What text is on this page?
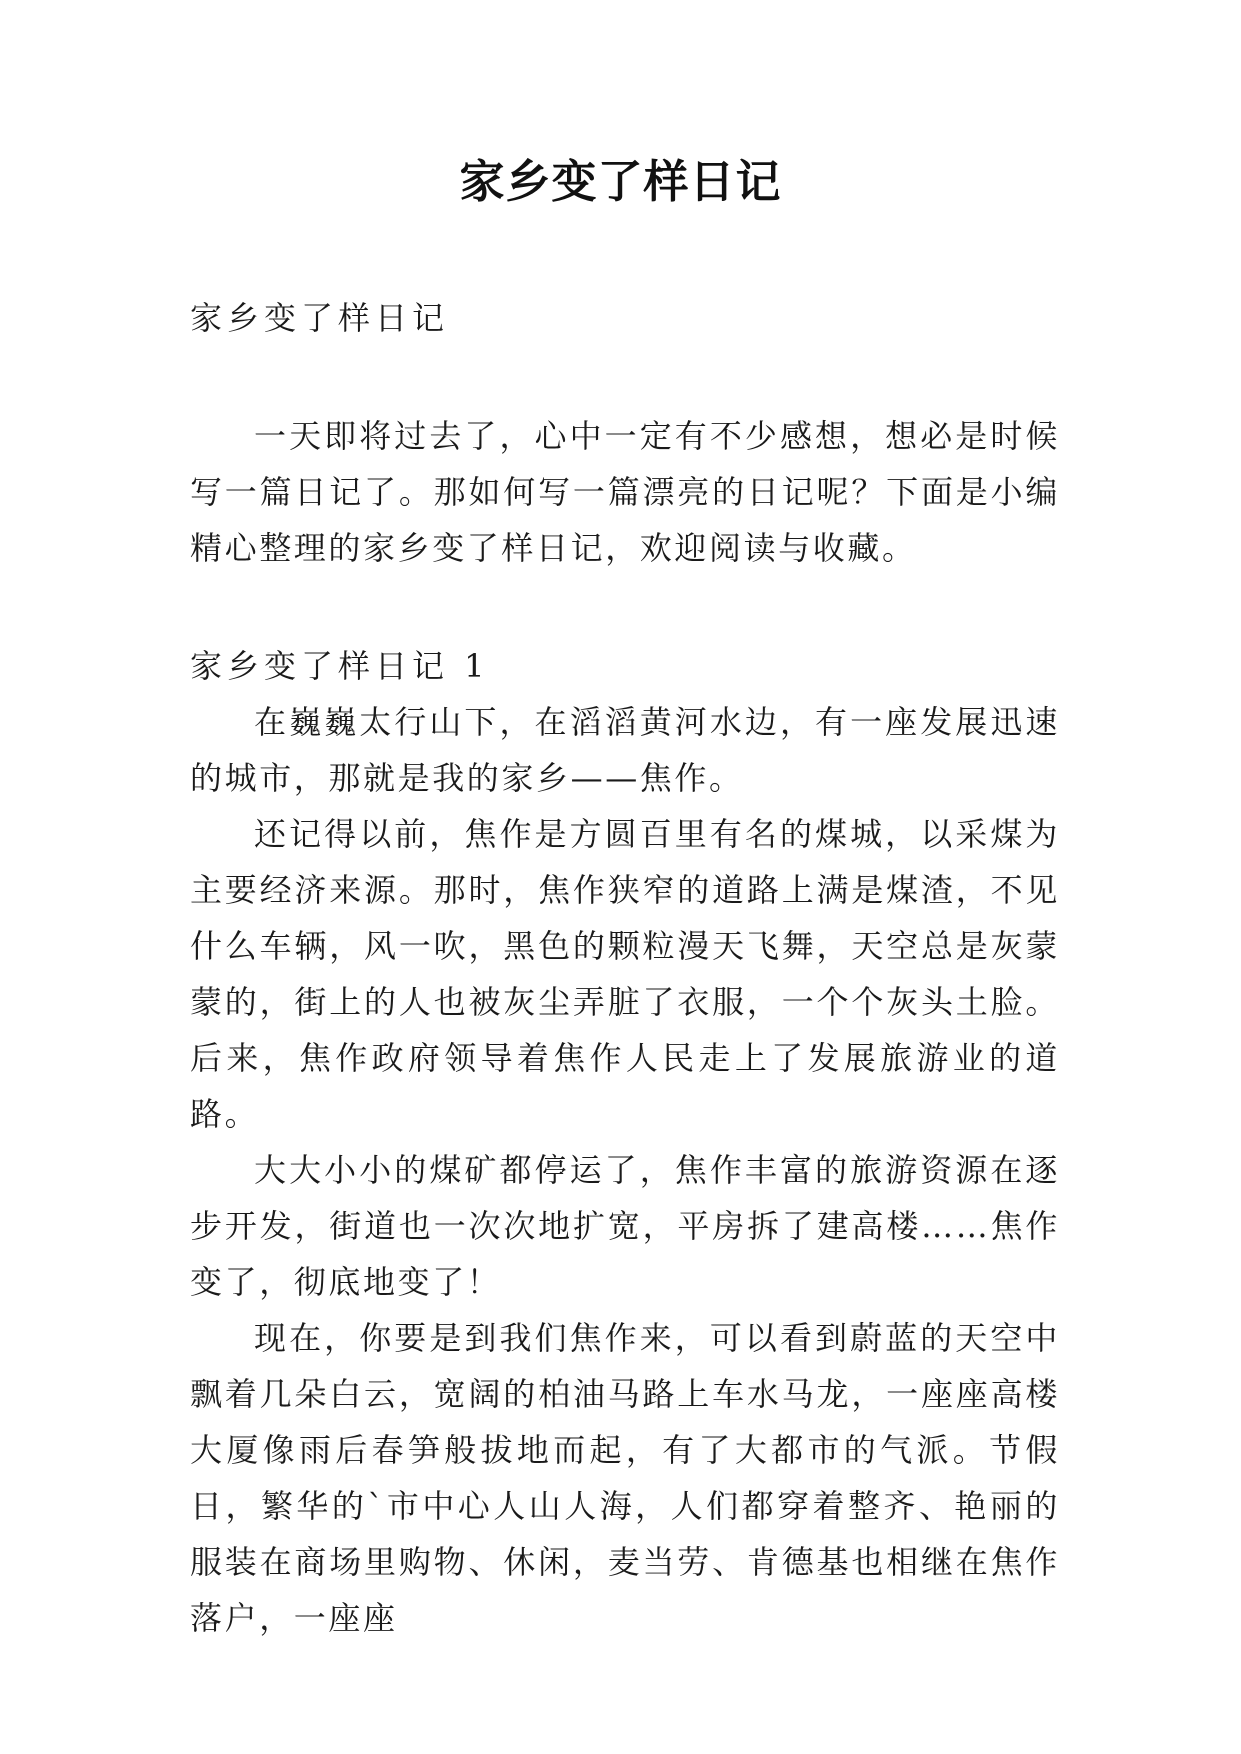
家乡变了样日记
家乡变了样日记

一天即将过去了，心中一定有不少感想，想必是时候写一篇日记了。那如何写一篇漂亮的日记呢？下面是小编精心整理的家乡变了样日记，欢迎阅读与收藏。

家乡变了样日记 1

在巍巍太行山下，在滔滔黄河水边，有一座发展迅速的城市，那就是我的家乡——焦作。

还记得以前，焦作是方圆百里有名的煤城，以采煤为主要经济来源。那时，焦作狭窄的道路上满是煤渣，不见什么车辆，风一吹，黑色的颗粒漫天飞舞，天空总是灰蒙蒙的，街上的人也被灰尘弄脏了衣服，一个个灰头土脸。后来，焦作政府领导着焦作人民走上了发展旅游业的道路。

大大小小的煤矿都停运了，焦作丰富的旅游资源在逐步开发，街道也一次次地扩宽，平房拆了建高楼……焦作变了，彻底地变了！

现在，你要是到我们焦作来，可以看到蔚蓝的天空中飘着几朵白云，宽阔的柏油马路上车水马龙，一座座高楼大厦像雨后春笋般拔地而起，有了大都市的气派。节假日，繁华的`市中心人山人海，人们都穿着整齐、艳丽的服装在商场里购物、休闲，麦当劳、肯德基也相继在焦作落户，一座座
